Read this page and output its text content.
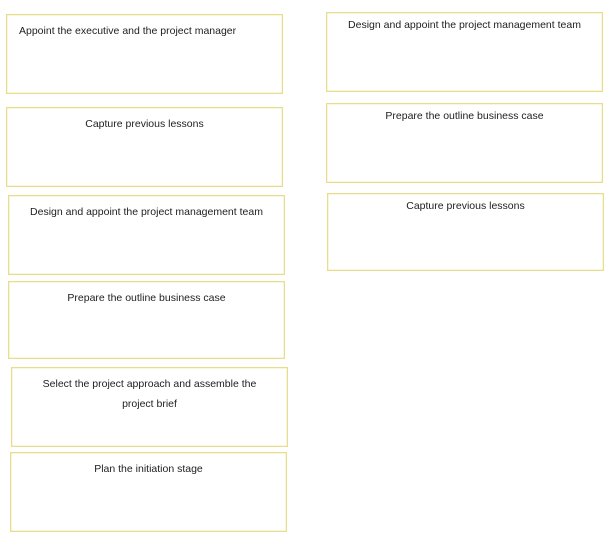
Appoint the executive and the project manager
Capture previous lessons
Design and appoint the project management team
Prepare the outline business case
Select the project approach and assemble the project brief
Plan the initiation stage
Design and appoint the project management team
Prepare the outline business case
Capture previous lessons
